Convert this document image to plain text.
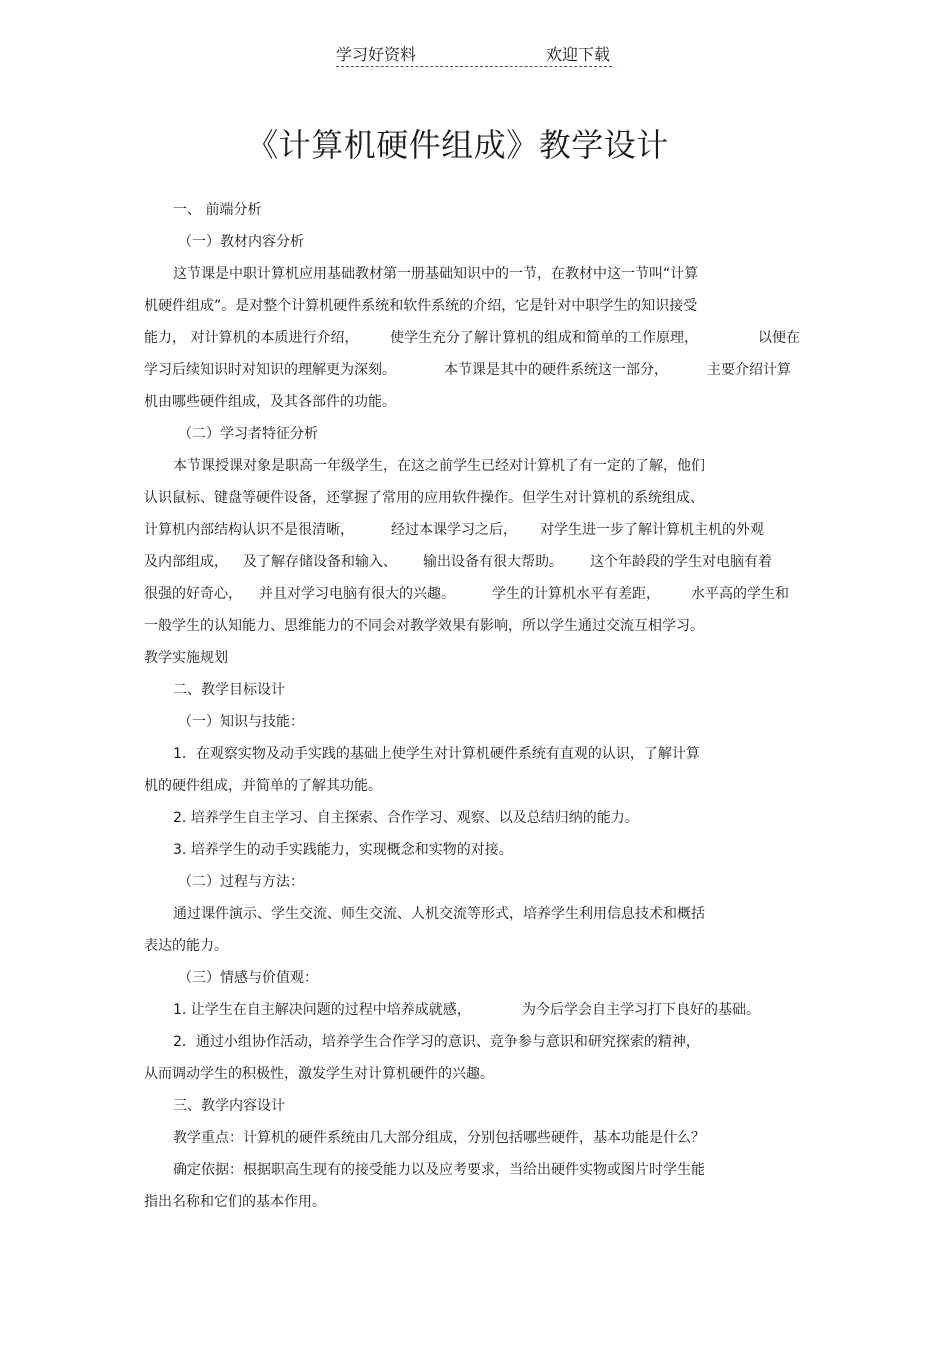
学习好资料	欢迎下载
《计算机硬件组成》教学设计
一、 前端分析
（一）教材内容分析
这节课是中职计算机应用基础教材第一册基础知识中的一节，在教材中这一节叫“计算
机硬件组成”。是对整个计算机硬件系统和软件系统的介绍，它是针对中职学生的知识接受
能力， 对计算机的本质进行介绍， 使学生充分了解计算机的组成和简单的工作原理，	以便在
学习后续知识时对知识的理解更为深刻。	本节课是其中的硬件系统这一部分，	主要介绍计算
机由哪些硬件组成，及其各部件的功能。
（二）学习者特征分析
本节课授课对象是职高一年级学生，在这之前学生已经对计算机了有一定的了解，他们
认识鼠标、键盘等硬件设备，还掌握了常用的应用软件操作。但学生对计算机的系统组成、
计算机内部结构认识不是很清晰，	经过本课学习之后， 对学生进一步了解计算机主机的外观
及内部组成， 及了解存储设备和输入、 输出设备有很大帮助。 这个年龄段的学生对电脑有着
很强的好奇心， 并且对学习电脑有很大的兴趣。	学生的计算机水平有差距， 水平高的学生和
一般学生的认知能力、思维能力的不同会对教学效果有影响，所以学生通过交流互相学习。
教学实施规划
二、教学目标设计
（一）知识与技能：
1．在观察实物及动手实践的基础上使学生对计算机硬件系统有直观的认识，了解计算
机的硬件组成，并简单的了解其功能。
2. 培养学生自主学习、自主探索、合作学习、观察、以及总结归纳的能力。
3. 培养学生的动手实践能力，实现概念和实物的对接。
（二）过程与方法：
通过课件演示、学生交流、师生交流、人机交流等形式，培养学生利用信息技术和概括
表达的能力。
（三）情感与价值观：
1. 让学生在自主解决问题的过程中培养成就感，	为今后学会自主学习打下良好的基础。
2．通过小组协作活动，培养学生合作学习的意识、竞争参与意识和研究探索的精神，
从而调动学生的积极性，激发学生对计算机硬件的兴趣。
三、教学内容设计
教学重点：计算机的硬件系统由几大部分组成，分别包括哪些硬件，基本功能是什么？
确定依据：根据职高生现有的接受能力以及应考要求，当给出硬件实物或图片时学生能
指出名称和它们的基本作用。
